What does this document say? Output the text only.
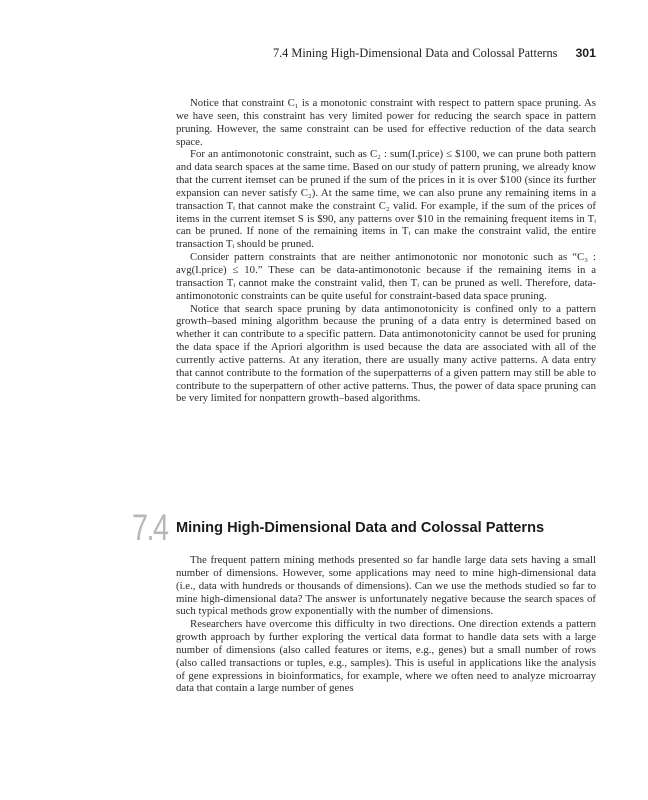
7.4 Mining High-Dimensional Data and Colossal Patterns 301

Notice that constraint C₁ is a monotonic constraint with respect to pattern space pruning. As we have seen, this constraint has very limited power for reducing the search space in pattern pruning. However, the same constraint can be used for effective reduction of the data search space.

For an antimonotonic constraint, such as C₂ : sum(I.price) ≤ $100, we can prune both pattern and data search spaces at the same time. Based on our study of pattern pruning, we already know that the current itemset can be pruned if the sum of the prices in it is over $100 (since its further expansion can never satisfy C₂). At the same time, we can also prune any remaining items in a transaction Tᵢ that cannot make the constraint C₂ valid. For example, if the sum of the prices of items in the current itemset S is $90, any patterns over $10 in the remaining frequent items in Tᵢ can be pruned. If none of the remaining items in Tᵢ can make the constraint valid, the entire transaction Tᵢ should be pruned.

Consider pattern constraints that are neither antimonotonic nor monotonic such as “C₃ : avg(I.price) ≤ 10.” These can be data-antimonotonic because if the remaining items in a transaction Tᵢ cannot make the constraint valid, then Tᵢ can be pruned as well. Therefore, data-antimonotonic constraints can be quite useful for constraint-based data space pruning.

Notice that search space pruning by data antimonotonicity is confined only to a pattern growth–based mining algorithm because the pruning of a data entry is determined based on whether it can contribute to a specific pattern. Data antimonotonicity cannot be used for pruning the data space if the Apriori algorithm is used because the data are associated with all of the currently active patterns. At any iteration, there are usually many active patterns. A data entry that cannot contribute to the formation of the superpatterns of a given pattern may still be able to contribute to the superpattern of other active patterns. Thus, the power of data space pruning can be very limited for nonpattern growth–based algorithms.

7.4 Mining High-Dimensional Data and Colossal Patterns

The frequent pattern mining methods presented so far handle large data sets having a small number of dimensions. However, some applications may need to mine high-dimensional data (i.e., data with hundreds or thousands of dimensions). Can we use the methods studied so far to mine high-dimensional data? The answer is unfortunately negative because the search spaces of such typical methods grow exponentially with the number of dimensions.

Researchers have overcome this difficulty in two directions. One direction extends a pattern growth approach by further exploring the vertical data format to handle data sets with a large number of dimensions (also called features or items, e.g., genes) but a small number of rows (also called transactions or tuples, e.g., samples). This is useful in applications like the analysis of gene expressions in bioinformatics, for example, where we often need to analyze microarray data that contain a large number of genes
